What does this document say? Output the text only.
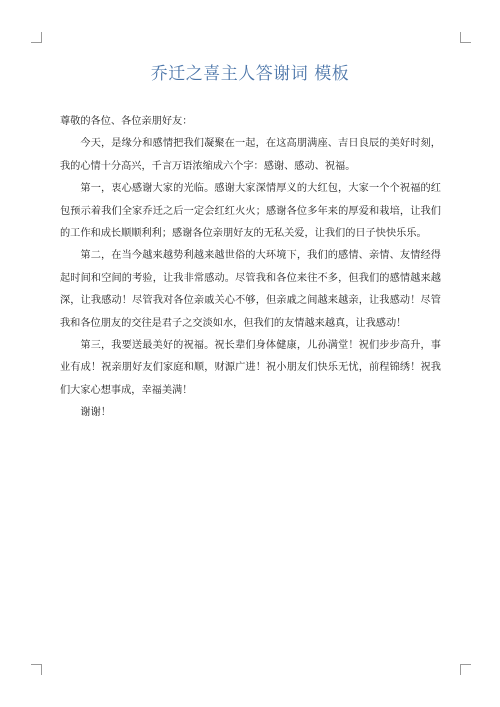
乔迁之喜主人答谢词 模板

尊敬的各位、各位亲朋好友：

今天，是缘分和感情把我们凝聚在一起，在这高朋满座、吉日良辰的美好时刻，我的心情十分高兴，千言万语浓缩成六个字：感谢、感动、祝福。

第一，衷心感谢大家的光临。感谢大家深情厚义的大红包，大家一个个祝福的红包预示着我们全家乔迁之后一定会红红火火；感谢各位多年来的厚爱和栽培，让我们的工作和成长顺顺利利；感谢各位亲朋好友的无私关爱，让我们的日子快快乐乐。

第二，在当今越来越势利越来越世俗的大环境下，我们的感情、亲情、友情经得起时间和空间的考验，让我非常感动。尽管我和各位来往不多，但我们的感情越来越深，让我感动！尽管我对各位亲戚关心不够，但亲戚之间越来越亲，让我感动！尽管我和各位朋友的交往是君子之交淡如水，但我们的友情越来越真，让我感动！

第三，我要送最美好的祝福。祝长辈们身体健康，儿孙满堂！祝们步步高升，事业有成！祝亲朋好友们家庭和顺，财源广进！祝小朋友们快乐无忧，前程锦绣！祝我们大家心想事成，幸福美满！

谢谢！
